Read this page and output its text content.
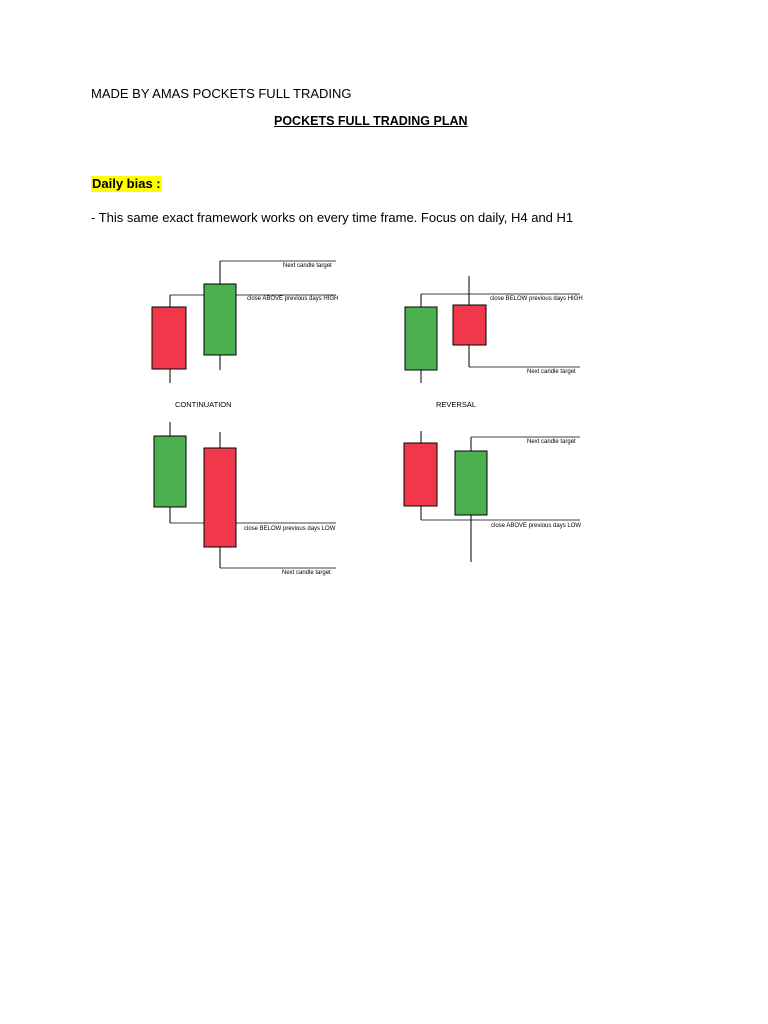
MADE BY AMAS POCKETS FULL TRADING
POCKETS FULL TRADING PLAN
Daily bias :
- This same exact framework works on every time frame. Focus on daily, H4 and H1
Next candle target
close ABOVE previous days HIGH	close BELOW previous days HIGH
Next candle target
CONTINUATION	REVERSAL
close BELOW previous days LOW
Next candle target
Next candle target
close ABOVE previous days LOW
